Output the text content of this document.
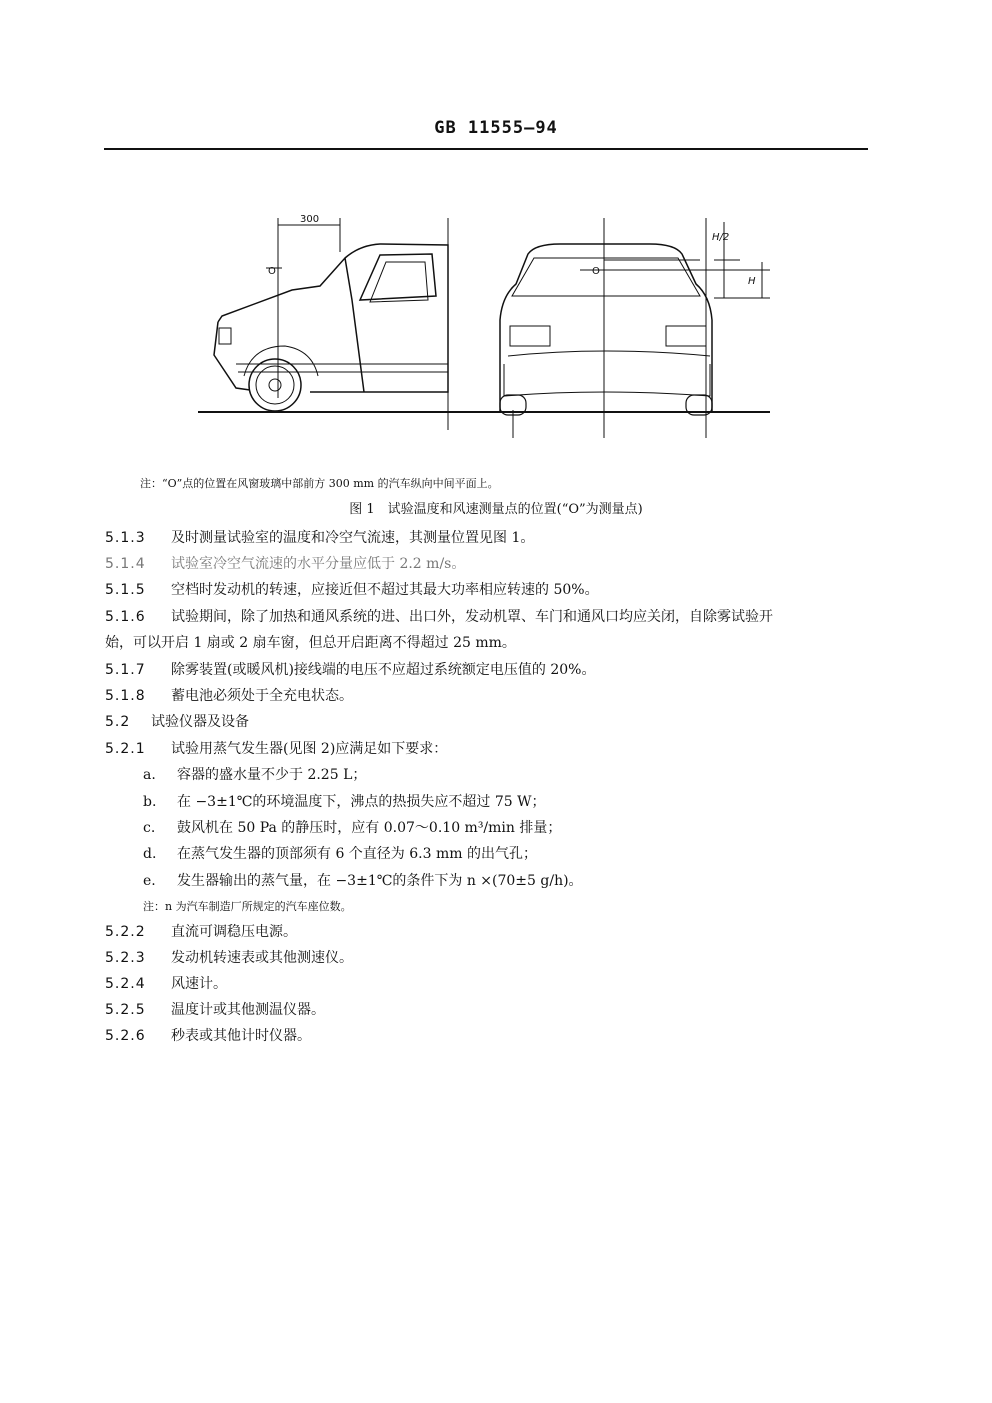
GB 11555—94
300
O	O
H/2
H
注：“O”点的位置在风窗玻璃中部前方 300 mm 的汽车纵向中间平面上。
图 1　试验温度和风速测量点的位置(“O”为测量点)
5.1.3 及时测量试验室的温度和冷空气流速，其测量位置见图 1。
5.1.4 试验室冷空气流速的水平分量应低于 2.2 m/s。
5.1.5 空档时发动机的转速，应接近但不超过其最大功率相应转速的 50%。
5.1.6 试验期间，除了加热和通风系统的进、出口外，发动机罩、车门和通风口均应关闭，自除雾试验开
始，可以开启 1 扇或 2 扇车窗，但总开启距离不得超过 25 mm。
5.1.7 除雾装置(或暖风机)接线端的电压不应超过系统额定电压值的 20%。
5.1.8 蓄电池必须处于全充电状态。
5.2 试验仪器及设备
5.2.1 试验用蒸气发生器(见图 2)应满足如下要求：
a. 容器的盛水量不少于 2.25 L；
b. 在 −3±1℃的环境温度下，沸点的热损失应不超过 75 W；
c. 鼓风机在 50 Pa 的静压时，应有 0.07～0.10 m³/min 排量；
d. 在蒸气发生器的顶部须有 6 个直径为 6.3 mm 的出气孔；
e. 发生器输出的蒸气量，在 −3±1℃的条件下为 n ×(70±5 g/h)。
注：n 为汽车制造厂所规定的汽车座位数。
5.2.2 直流可调稳压电源。
5.2.3 发动机转速表或其他测速仪。
5.2.4 风速计。
5.2.5 温度计或其他测温仪器。
5.2.6 秒表或其他计时仪器。
